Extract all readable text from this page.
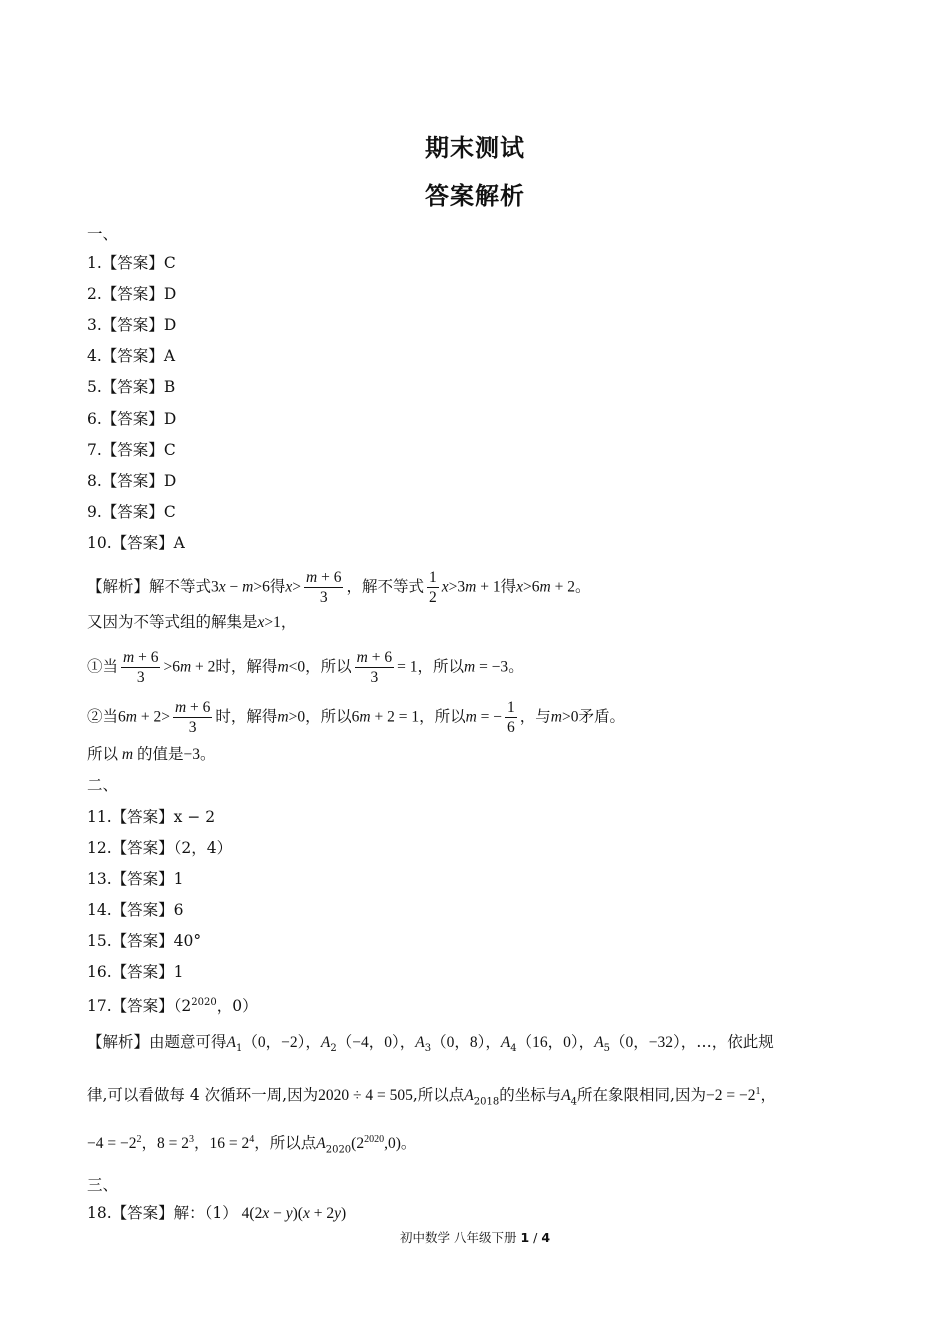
期末测试
答案解析
一、
1.【答案】C
2.【答案】D
3.【答案】D
4.【答案】A
5.【答案】B
6.【答案】D
7.【答案】C
8.【答案】D
9.【答案】C
10.【答案】A
【解析】解不等式3x − m>6得$x> \frac{m + 6}{3}$ ，解不等式 $\frac{1}{2} x>3m + 1$得x>6m + 2。
又因为不等式组的解集是x>1，
①当 $\frac{m + 6}{3} >6m + 2$时，解得m<0，所以 $\frac{m + 6}{3} = 1$，所以m = −3。
②当$6m + 2> \frac{m + 6}{3}$ 时，解得m>0，所以6m + 2 = 1，所以m = − $\frac{1}{6}$ ，与m>0矛盾。
所以 m 的值是−3。
二、
11.【答案】x − 2
12.【答案】（2，4）
13.【答案】1
14.【答案】6
15.【答案】40°
16.【答案】1
17.【答案】（$2^{2020}$，0）
【解析】由题意可得$A_1(0$，−2），$A_2(-4$，0），$A_3(0$，8），$A_4(16$，0），$A_5(0$，−32），…，依此规
律,可以看做每 4 次循环一周,因为2020 ÷ 4 = 505,所以点$A_{2018}$的坐标与$A_4$所在象限相同,因为$-2 = -2^1$，
$-4 = -2^2$，$8 = 2^3$，$16 = 2^4$，所以点$A_{2020}(2^{2020},0)$。
三、
18.【答案】解：（1） 4(2x − y)(x + 2y)
初中数学 八年级下册 1 / 4
